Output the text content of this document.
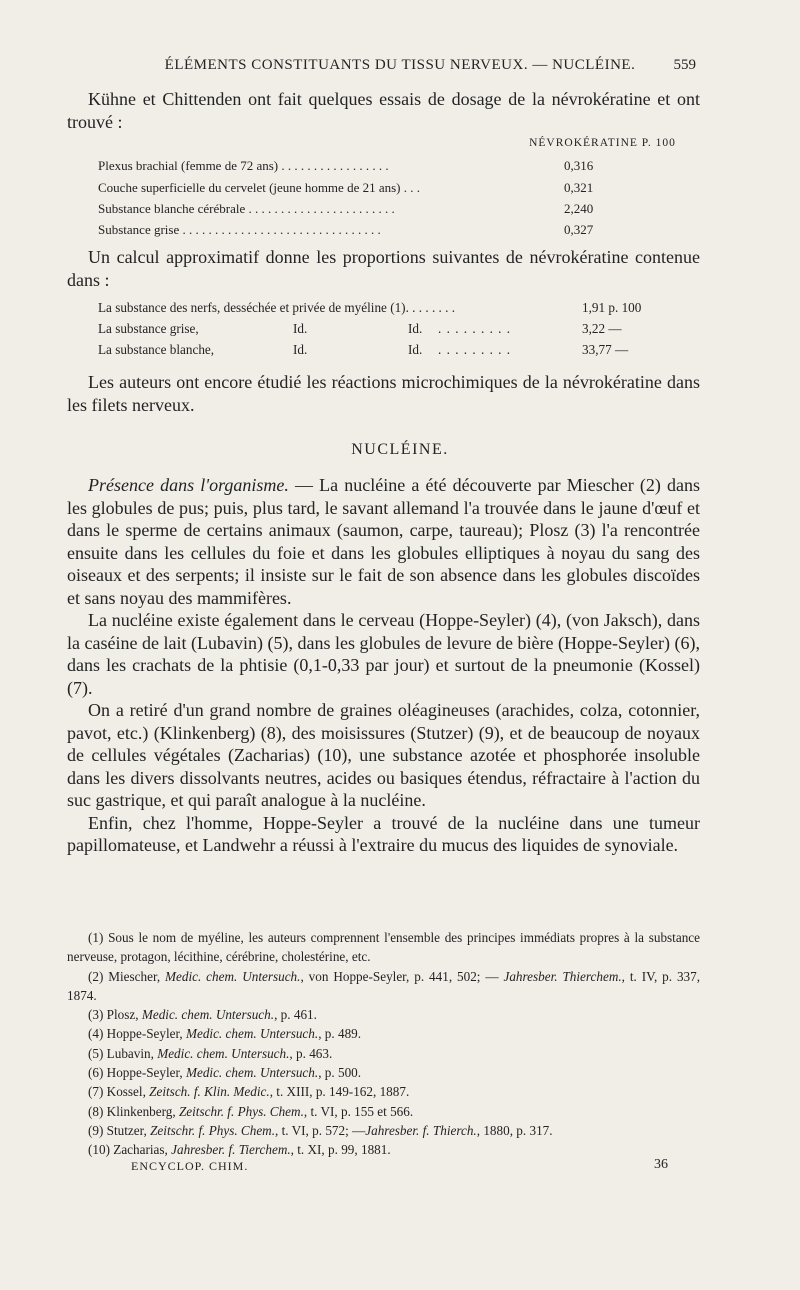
ÉLÉMENTS CONSTITUANTS DU TISSU NERVEUX. — NUCLÉINE.	559

Kühne et Chittenden ont fait quelques essais de dosage de la névrokératine et ont trouvé :

NÉVROKÉRATINE P. 100
Plexus brachial (femme de 72 ans) . . . . . . . . . . . . . . . . .	0,316
Couche superficielle du cervelet (jeune homme de 21 ans) . . .	0,321
Substance blanche cérébrale . . . . . . . . . . . . . . . . . . . . . . .	2,240
Substance grise . . . . . . . . . . . . . . . . . . . . . . . . . . . . . . .	0,327

Un calcul approximatif donne les proportions suivantes de névrokératine contenue dans :

La substance des nerfs, desséchée et privée de myéline (1). . . . . . . .	1,91 p. 100
La substance grise,	Id.	Id. . . . . . . . . .	3,22 —
La substance blanche,	Id.	Id. . . . . . . . . .	33,77 —

Les auteurs ont encore étudié les réactions microchimiques de la névrokératine dans les filets nerveux.

NUCLÉINE.

Présence dans l'organisme. — La nucléine a été découverte par Miescher (2) dans les globules de pus; puis, plus tard, le savant allemand l'a trouvée dans le jaune d'œuf et dans le sperme de certains animaux (saumon, carpe, taureau); Plosz (3) l'a rencontrée ensuite dans les cellules du foie et dans les globules elliptiques à noyau du sang des oiseaux et des serpents; il insiste sur le fait de son absence dans les globules discoïdes et sans noyau des mammifères.

La nucléine existe également dans le cerveau (Hoppe-Seyler) (4), (von Jaksch), dans la caséine de lait (Lubavin) (5), dans les globules de levure de bière (Hoppe-Seyler) (6), dans les crachats de la phtisie (0,1-0,33 par jour) et surtout de la pneumonie (Kossel) (7).

On a retiré d'un grand nombre de graines oléagineuses (arachides, colza, cotonnier, pavot, etc.) (Klinkenberg) (8), des moisissures (Stutzer) (9), et de beaucoup de noyaux de cellules végétales (Zacharias) (10), une substance azotée et phosphorée insoluble dans les divers dissolvants neutres, acides ou basiques étendus, réfractaire à l'action du suc gastrique, et qui paraît analogue à la nucléine.

Enfin, chez l'homme, Hoppe-Seyler a trouvé de la nucléine dans une tumeur papillomateuse, et Landwehr a réussi à l'extraire du mucus des liquides de synoviale.

(1) Sous le nom de myéline, les auteurs comprennent l'ensemble des principes immédiats propres à la substance nerveuse, protagon, lécithine, cérébrine, cholestérine, etc.

(2) Miescher, Medic. chem. Untersuch., von Hoppe-Seyler, p. 441, 502; — Jahresber. Thierchem., t. IV, p. 337, 1874.

(3) Plosz, Medic. chem. Untersuch., p. 461.

(4) Hoppe-Seyler, Medic. chem. Untersuch., p. 489.

(5) Lubavin, Medic. chem. Untersuch., p. 463.

(6) Hoppe-Seyler, Medic. chem. Untersuch., p. 500.

(7) Kossel, Zeitsch. f. Klin. Medic., t. XIII, p. 149-162, 1887.

(8) Klinkenberg, Zeitschr. f. Phys. Chem., t. VI, p. 155 et 566.

(9) Stutzer, Zeitschr. f. Phys. Chem., t. VI, p. 572; —Jahresber. f. Thierch., 1880, p. 317.

(10) Zacharias, Jahresber. f. Tierchem., t. XI, p. 99, 1881.

ENCYCLOP. CHIM.	36
